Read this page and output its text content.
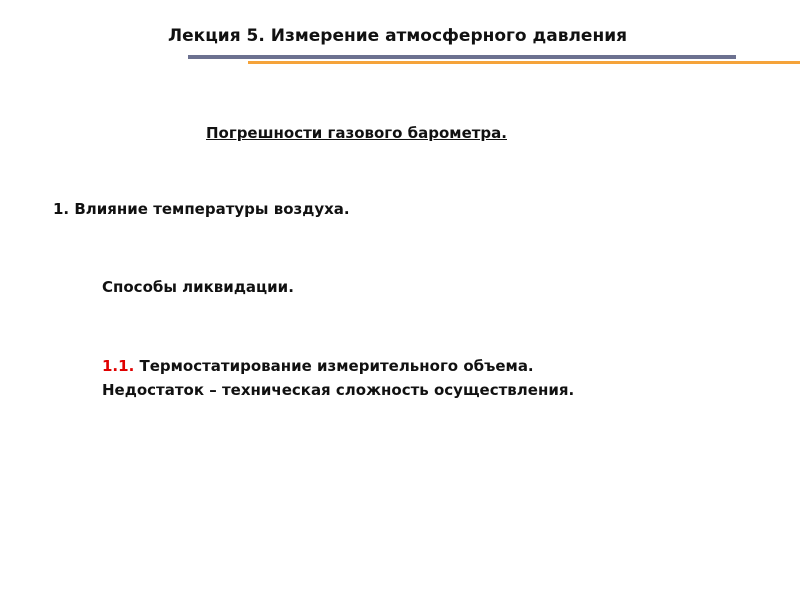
Лекция 5. Измерение атмосферного давления
Погрешности газового барометра.
1. Влияние температуры воздуха.
Способы ликвидации.
1.1. Термостатирование измерительного объема.
Недостаток – техническая сложность осуществления.
